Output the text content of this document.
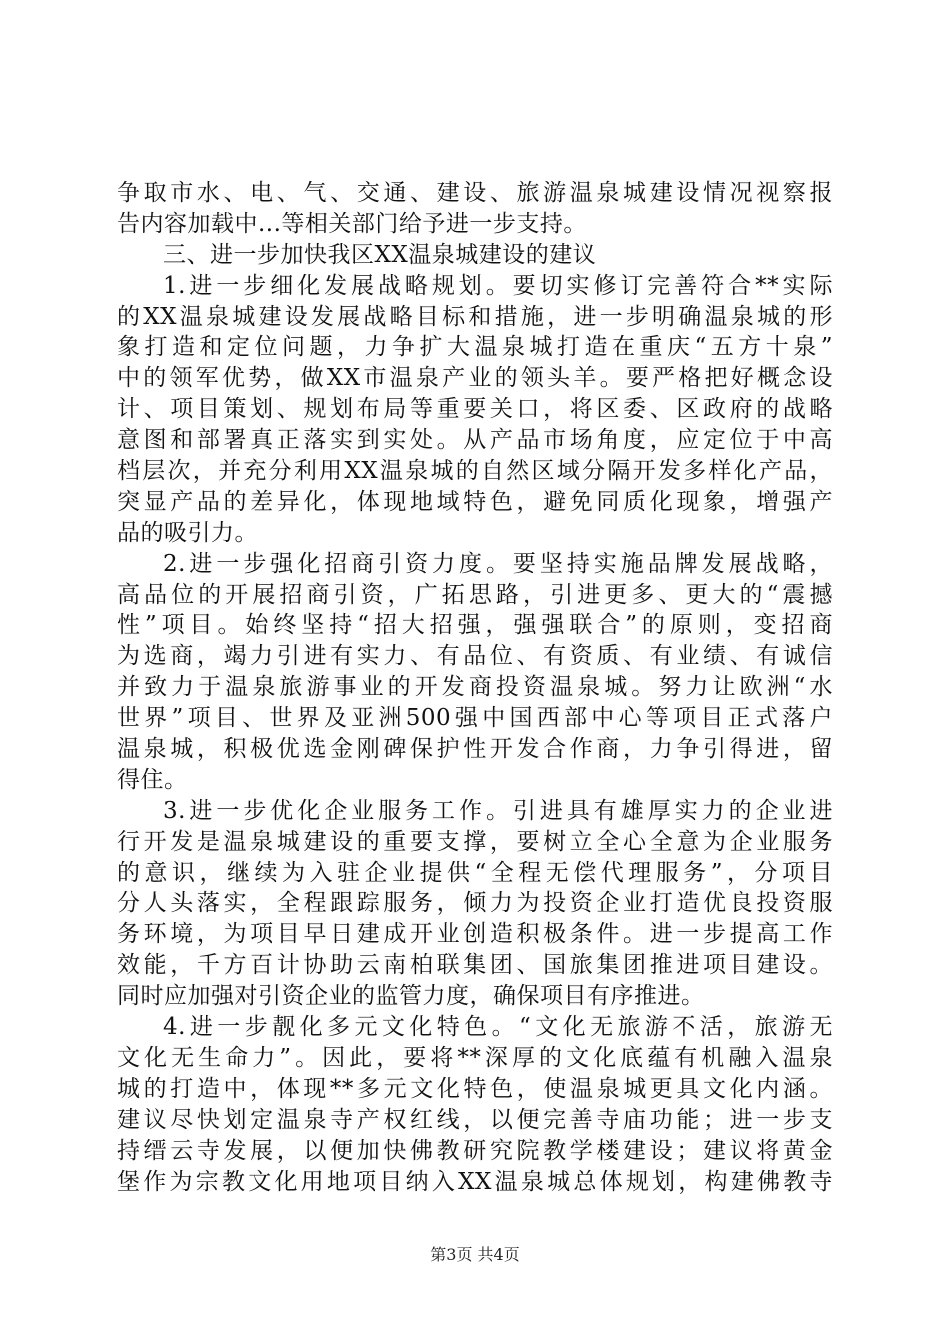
争取市水、电、气、交通、建设、旅游温泉城建设情况视察报
告内容加载中...等相关部门给予进一步支持。
三、进一步加快我区XX温泉城建设的建议
1.进一步细化发展战略规划。要切实修订完善符合**实际
的XX温泉城建设发展战略目标和措施，进一步明确温泉城的形
象打造和定位问题，力争扩大温泉城打造在重庆“五方十泉”
中的领军优势，做XX市温泉产业的领头羊。要严格把好概念设
计、项目策划、规划布局等重要关口，将区委、区政府的战略
意图和部署真正落实到实处。从产品市场角度，应定位于中高
档层次，并充分利用XX温泉城的自然区域分隔开发多样化产品，
突显产品的差异化，体现地域特色，避免同质化现象，增强产
品的吸引力。
2.进一步强化招商引资力度。要坚持实施品牌发展战略，
高品位的开展招商引资，广拓思路，引进更多、更大的“震撼
性”项目。始终坚持“招大招强，强强联合”的原则，变招商
为选商，竭力引进有实力、有品位、有资质、有业绩、有诚信
并致力于温泉旅游事业的开发商投资温泉城。努力让欧洲“水
世界”项目、世界及亚洲500强中国西部中心等项目正式落户
温泉城，积极优选金刚碑保护性开发合作商，力争引得进，留
得住。
3.进一步优化企业服务工作。引进具有雄厚实力的企业进
行开发是温泉城建设的重要支撑，要树立全心全意为企业服务
的意识，继续为入驻企业提供“全程无偿代理服务”，分项目
分人头落实，全程跟踪服务，倾力为投资企业打造优良投资服
务环境，为项目早日建成开业创造积极条件。进一步提高工作
效能，千方百计协助云南柏联集团、国旅集团推进项目建设。
同时应加强对引资企业的监管力度，确保项目有序推进。
4.进一步靓化多元文化特色。“文化无旅游不活，旅游无
文化无生命力”。因此，要将**深厚的文化底蕴有机融入温泉
城的打造中，体现**多元文化特色，使温泉城更具文化内涵。
建议尽快划定温泉寺产权红线，以便完善寺庙功能；进一步支
持缙云寺发展，以便加快佛教研究院教学楼建设；建议将黄金
堡作为宗教文化用地项目纳入XX温泉城总体规划，构建佛教寺
第3页 共4页
